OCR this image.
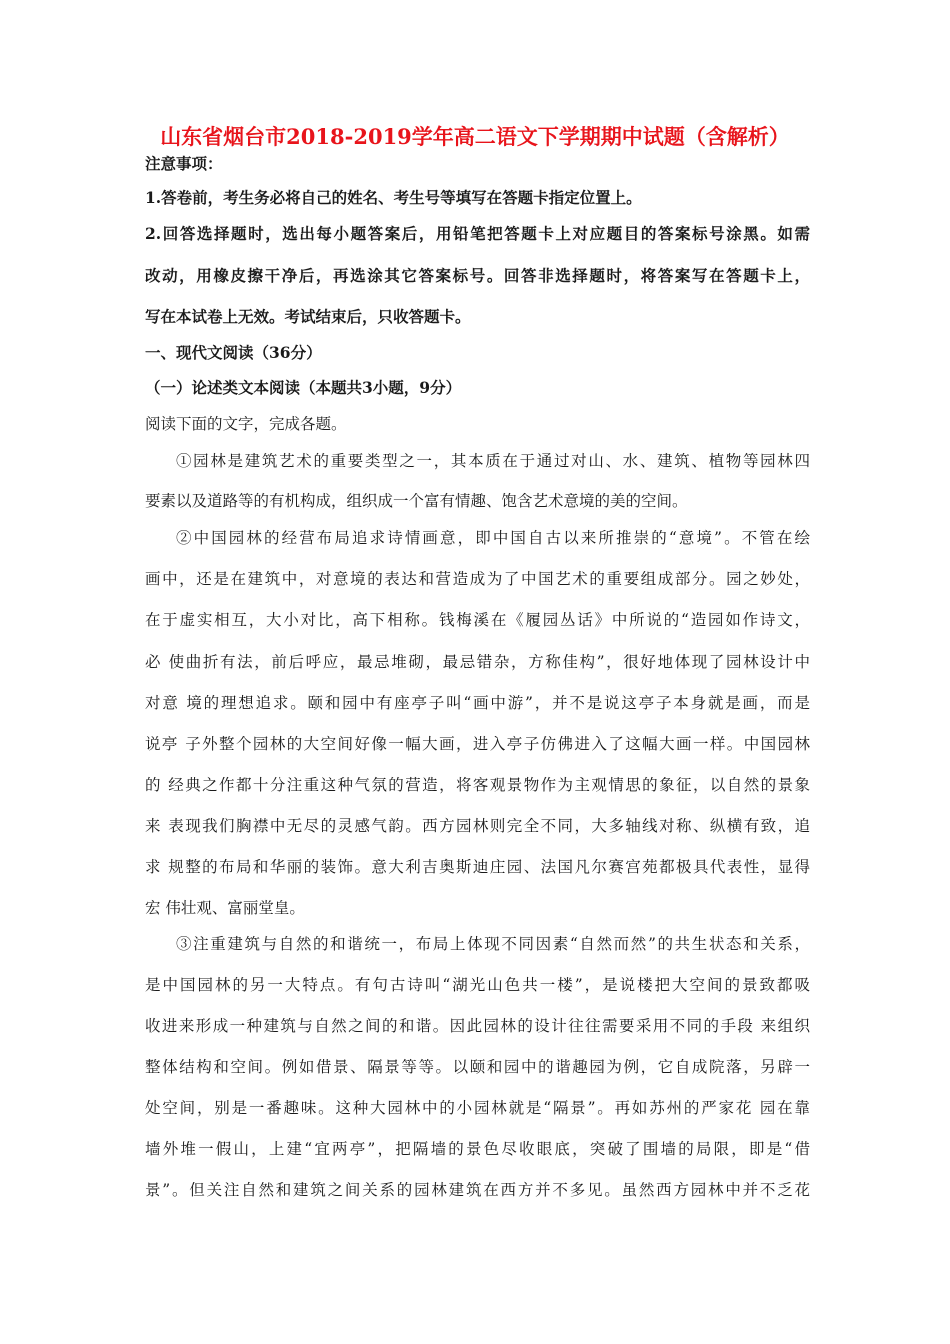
山东省烟台市2018-2019学年高二语文下学期期中试题（含解析）
注意事项：
1.答卷前，考生务必将自己的姓名、考生号等填写在答题卡指定位置上。
2.回答选择题时，选出每小题答案后，用铅笔把答题卡上对应题目的答案标号涂黑。如需
改动，用橡皮擦干净后，再选涂其它答案标号。回答非选择题时，将答案写在答题卡上，
写在本试卷上无效。考试结束后，只收答题卡。
一、现代文阅读（36分）
（一）论述类文本阅读（本题共3小题，9分）
阅读下面的文字，完成各题。
①园林是建筑艺术的重要类型之一，其本质在于通过对山、水、建筑、植物等园林四
要素以及道路等的有机构成，组织成一个富有情趣、饱含艺术意境的美的空间。
②中国园林的经营布局追求诗情画意，即中国自古以来所推崇的“意境”。不管在绘
画中，还是在建筑中，对意境的表达和营造成为了中国艺术的重要组成部分。园之妙处，
在于虚实相互，大小对比，高下相称。钱梅溪在《履园丛话》中所说的“造园如作诗文，
必 使曲折有法，前后呼应，最忌堆砌，最忌错杂，方称佳构”，很好地体现了园林设计中
对意 境的理想追求。颐和园中有座亭子叫“画中游”，并不是说这亭子本身就是画，而是
说亭 子外整个园林的大空间好像一幅大画，进入亭子仿佛进入了这幅大画一样。中国园林
的 经典之作都十分注重这种气氛的营造，将客观景物作为主观情思的象征，以自然的景象
来 表现我们胸襟中无尽的灵感气韵。西方园林则完全不同，大多轴线对称、纵横有致，追
求 规整的布局和华丽的装饰。意大利吉奥斯迪庄园、法国凡尔赛宫苑都极具代表性，显得
宏 伟壮观、富丽堂皇。
③注重建筑与自然的和谐统一，布局上体现不同因素“自然而然”的共生状态和关系，
是中国园林的另一大特点。有句古诗叫“湖光山色共一楼”，是说楼把大空间的景致都吸
收进来形成一种建筑与自然之间的和谐。因此园林的设计往往需要采用不同的手段 来组织
整体结构和空间。例如借景、隔景等等。以颐和园中的谐趣园为例，它自成院落，另辟一
处空间，别是一番趣味。这种大园林中的小园林就是“隔景”。再如苏州的严家花 园在靠
墙外堆一假山，上建“宜两亭”，把隔墙的景色尽收眼底，突破了围墙的局限，即是“借
景”。但关注自然和建筑之间关系的园林建筑在西方并不多见。虽然西方园林中并不乏花
